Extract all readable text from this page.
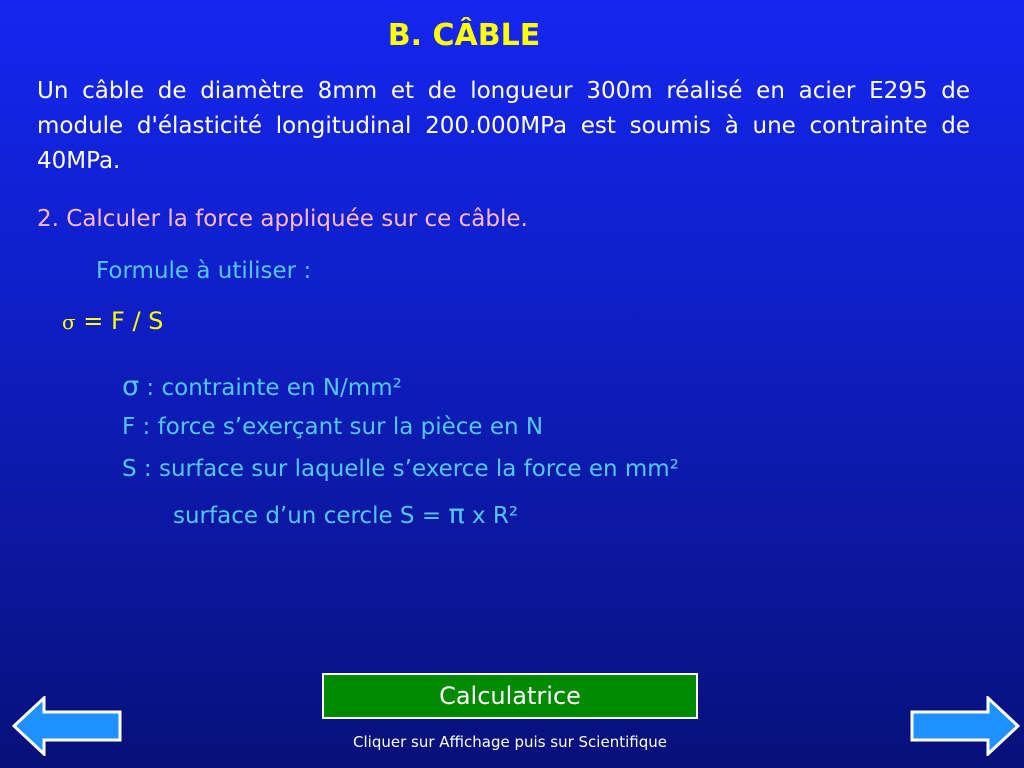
B. CÂBLE
Un câble de diamètre 8mm et de longueur 300m réalisé en acier E295 de module d'élasticité longitudinal 200.000MPa est soumis à une contrainte de 40MPa.
2. Calculer la force appliquée sur ce câble.
Formule à utiliser :
σ = F / S
σ : contrainte en N/mm²
F : force s’exerçant sur la pièce en N
S : surface sur laquelle s’exerce la force en mm²
surface d’un cercle S = π x R²
Calculatrice
Cliquer sur Affichage puis sur Scientifique
